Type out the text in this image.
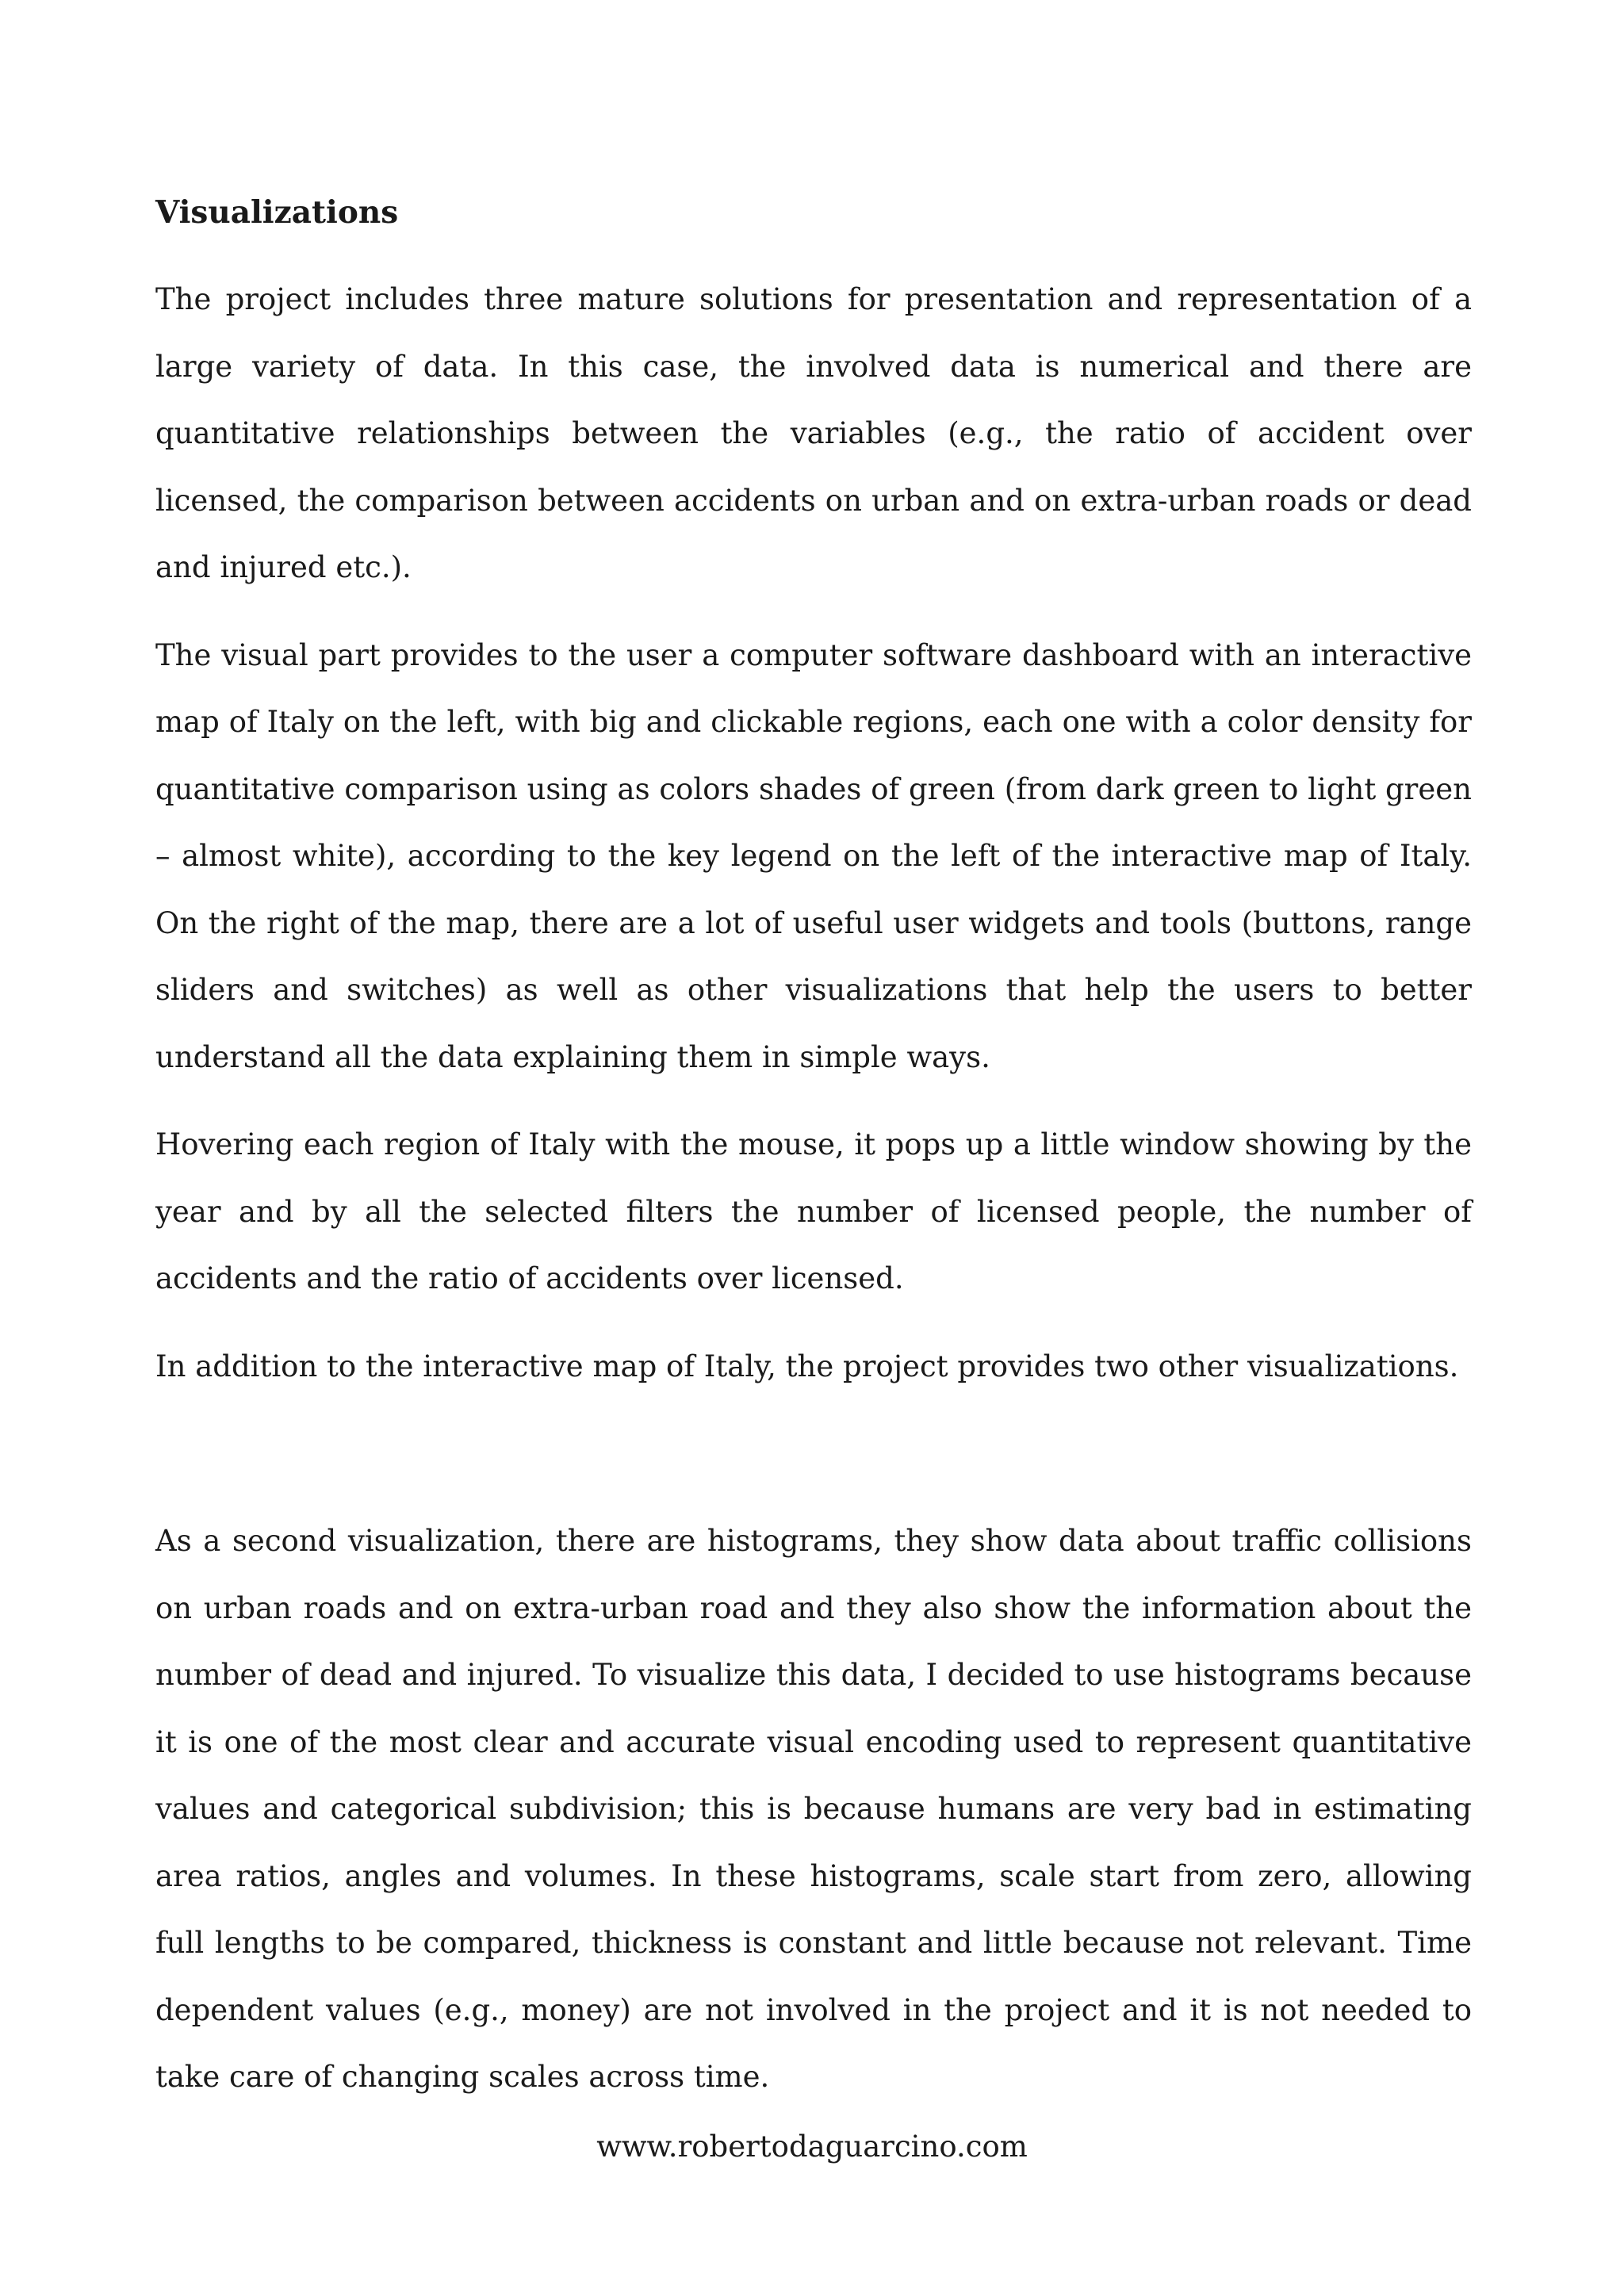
Visualizations

The project includes three mature solutions for presentation and representation of a large variety of data. In this case, the involved data is numerical and there are quantitative relationships between the variables (e.g., the ratio of accident over licensed, the comparison between accidents on urban and on extra-urban roads or dead and injured etc.).

The visual part provides to the user a computer software dashboard with an interactive map of Italy on the left, with big and clickable regions, each one with a color density for quantitative comparison using as colors shades of green (from dark green to light green – almost white), according to the key legend on the left of the interactive map of Italy. On the right of the map, there are a lot of useful user widgets and tools (buttons, range sliders and switches) as well as other visualizations that help the users to better understand all the data explaining them in simple ways.

Hovering each region of Italy with the mouse, it pops up a little window showing by the year and by all the selected filters the number of licensed people, the number of accidents and the ratio of accidents over licensed.

In addition to the interactive map of Italy, the project provides two other visualizations.

As a second visualization, there are histograms, they show data about traffic collisions on urban roads and on extra-urban road and they also show the information about the number of dead and injured. To visualize this data, I decided to use histograms because it is one of the most clear and accurate visual encoding used to represent quantitative values and categorical subdivision; this is because humans are very bad in estimating area ratios, angles and volumes. In these histograms, scale start from zero, allowing full lengths to be compared, thickness is constant and little because not relevant. Time dependent values (e.g., money) are not involved in the project and it is not needed to take care of changing scales across time.

www.robertodaguarcino.com
